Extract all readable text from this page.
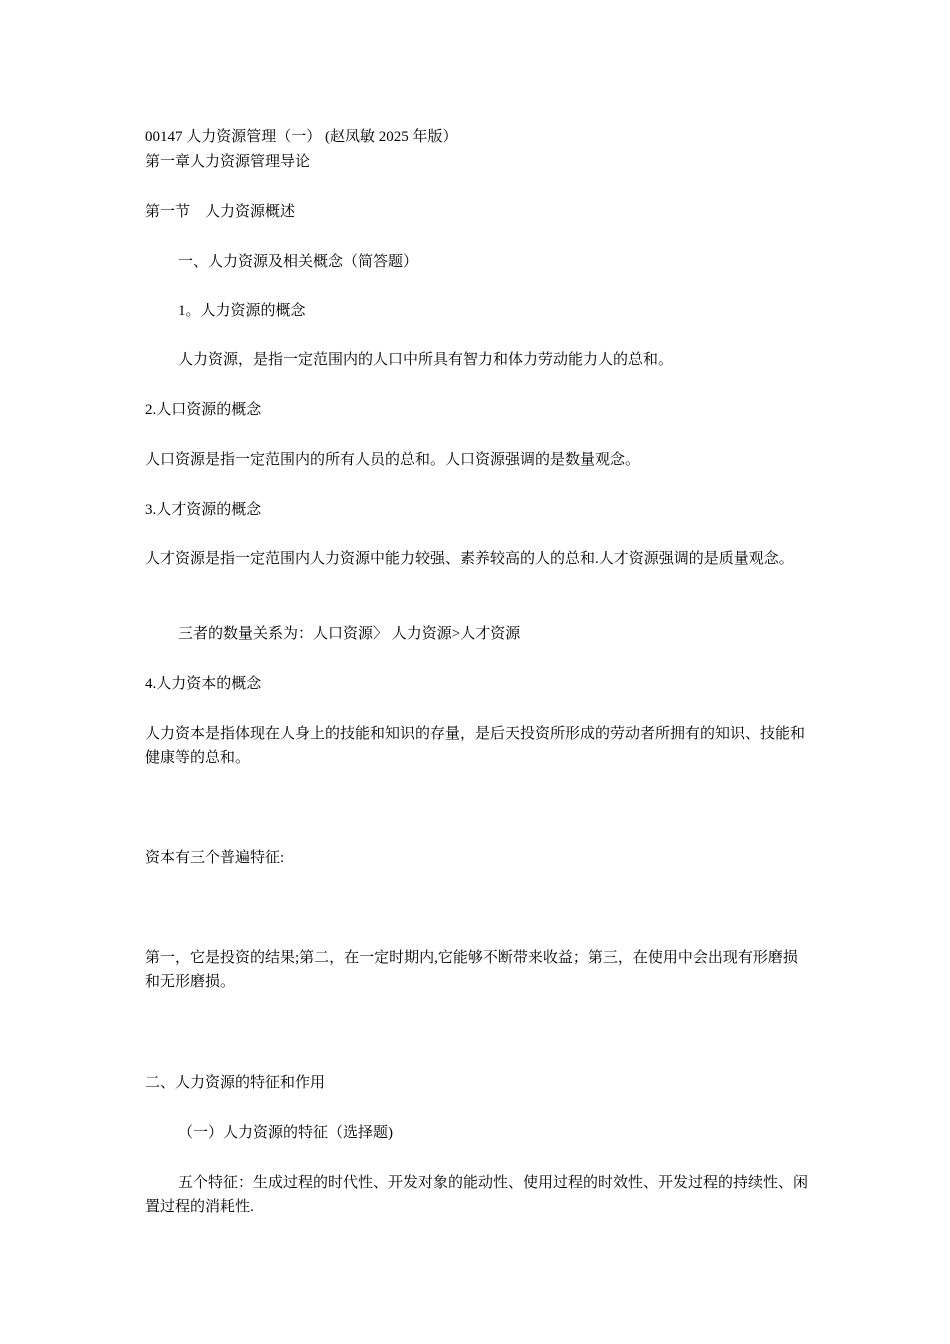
00147 人力资源管理（一） (赵凤敏 2025 年版）

第一章人力资源管理导论

第一节    人力资源概述

一、人力资源及相关概念（简答题）

1。人力资源的概念

人力资源，是指一定范围内的人口中所具有智力和体力劳动能力人的总和。

2.人口资源的概念

人口资源是指一定范围内的所有人员的总和。人口资源强调的是数量观念。

3.人才资源的概念

人才资源是指一定范围内人力资源中能力较强、素养较高的人的总和.人才资源强调的是质量观念。

三者的数量关系为：人口资源〉 人力资源>人才资源

4.人力资本的概念

人力资本是指体现在人身上的技能和知识的存量，是后天投资所形成的劳动者所拥有的知识、技能和健康等的总和。

资本有三个普遍特征:

第一，它是投资的结果;第二，在一定时期内,它能够不断带来收益；第三，在使用中会出现有形磨损和无形磨损。

二、人力资源的特征和作用

（一）人力资源的特征（选择题)

五个特征：生成过程的时代性、开发对象的能动性、使用过程的时效性、开发过程的持续性、闲置过程的消耗性.
